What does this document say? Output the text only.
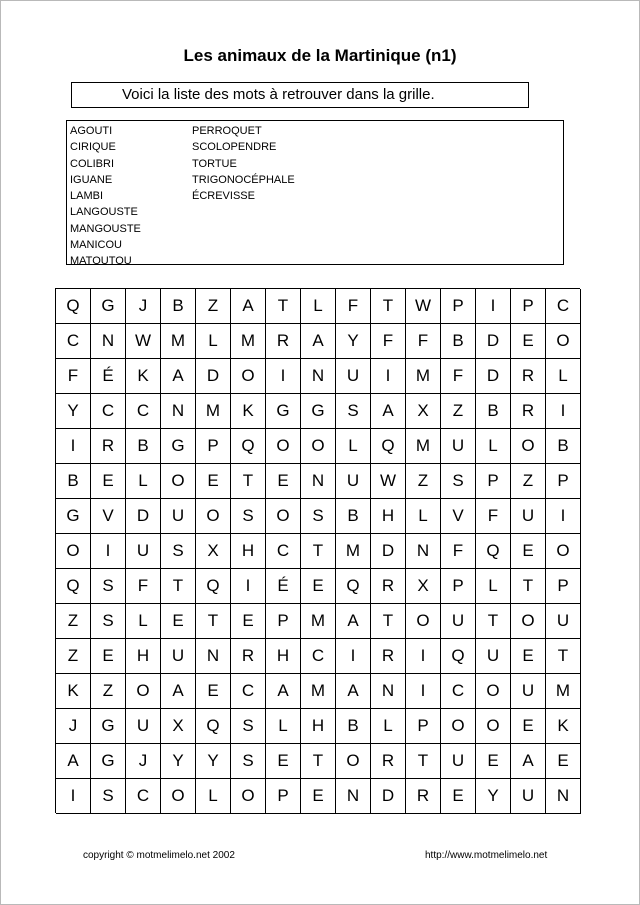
Les animaux de la Martinique (n1)
Voici la liste des mots à retrouver dans la grille.
AGOUTI
CIRIQUE
COLIBRI
IGUANE
LAMBI
LANGOUSTE
MANGOUSTE
MANICOU
MATOUTOU
PERROQUET
SCOLOPENDRE
TORTUE
TRIGONOCÉPHALE
ÉCREVISSE
Q	G	J	B	Z	A	T	L	F	T	W	P	I	P	C
C	N	W	M	L	M	R	A	Y	F	F	B	D	E	O
F	É	K	A	D	O	I	N	U	I	M	F	D	R	L
Y	C	C	N	M	K	G	G	S	A	X	Z	B	R	I
I	R	B	G	P	Q	O	O	L	Q	M	U	L	O	B
B	E	L	O	E	T	E	N	U	W	Z	S	P	Z	P
G	V	D	U	O	S	O	S	B	H	L	V	F	U	I
O	I	U	S	X	H	C	T	M	D	N	F	Q	E	O
Q	S	F	T	Q	I	É	E	Q	R	X	P	L	T	P
Z	S	L	E	T	E	P	M	A	T	O	U	T	O	U
Z	E	H	U	N	R	H	C	I	R	I	Q	U	E	T
K	Z	O	A	E	C	A	M	A	N	I	C	O	U	M
J	G	U	X	Q	S	L	H	B	L	P	O	O	E	K
A	G	J	Y	Y	S	E	T	O	R	T	U	E	A	E
I	S	C	O	L	O	P	E	N	D	R	E	Y	U	N
copyright © motmelimelo.net 2002	http://www.motmelimelo.net
